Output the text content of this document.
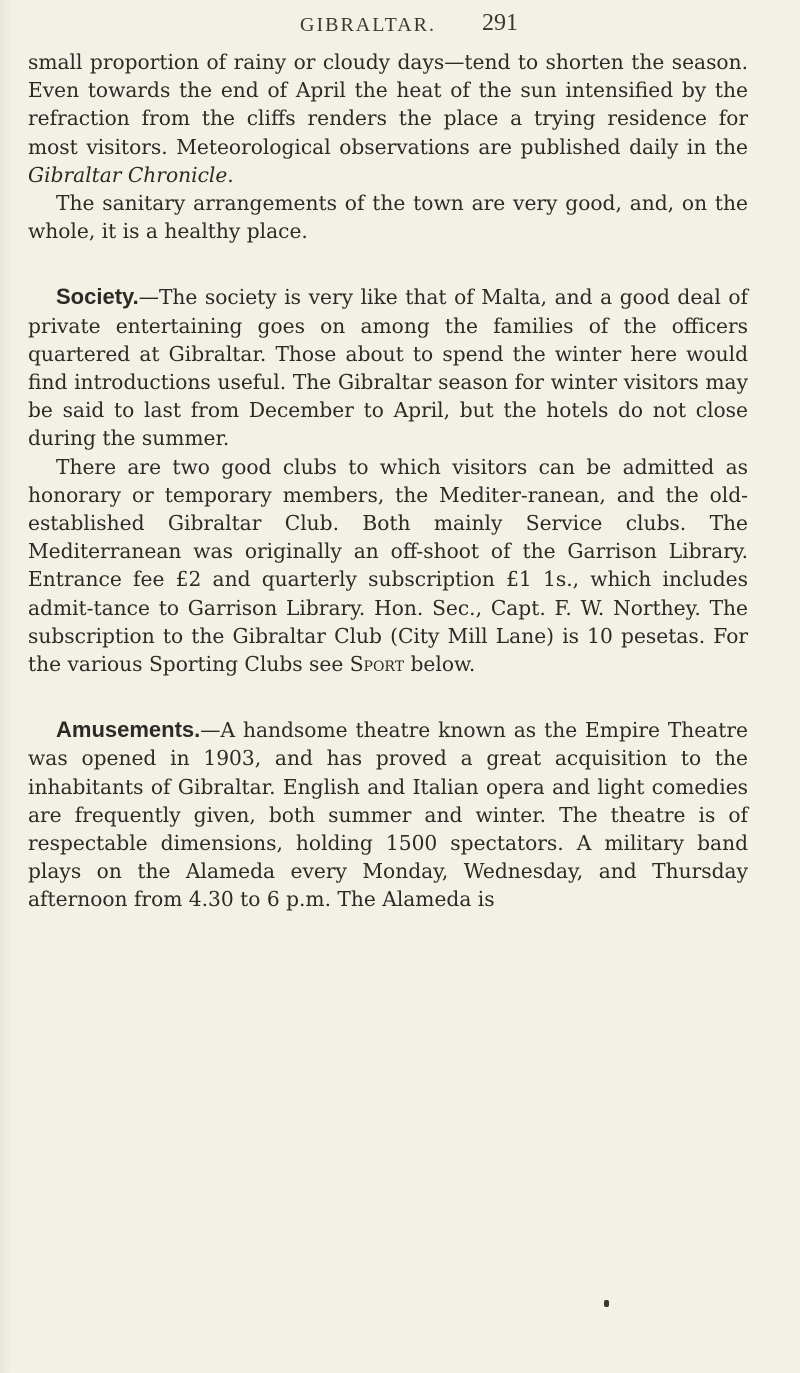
GIBRALTAR. 291

small proportion of rainy or cloudy days—tend to shorten the season. Even towards the end of April the heat of the sun intensified by the refraction from the cliffs renders the place a trying residence for most visitors. Meteorological observations are published daily in the Gibraltar Chronicle.

The sanitary arrangements of the town are very good, and, on the whole, it is a healthy place.

Society.—The society is very like that of Malta, and a good deal of private entertaining goes on among the families of the officers quartered at Gibraltar. Those about to spend the winter here would find introductions useful. The Gibraltar season for winter visitors may be said to last from December to April, but the hotels do not close during the summer.

There are two good clubs to which visitors can be admitted as honorary or temporary members, the Mediter-ranean, and the old-established Gibraltar Club. Both mainly Service clubs. The Mediterranean was originally an off-shoot of the Garrison Library. Entrance fee £2 and quarterly subscription £1 1s., which includes admit-tance to Garrison Library. Hon. Sec., Capt. F. W. Northey. The subscription to the Gibraltar Club (City Mill Lane) is 10 pesetas. For the various Sporting Clubs see Sport below.

Amusements.—A handsome theatre known as the Empire Theatre was opened in 1903, and has proved a great acquisition to the inhabitants of Gibraltar. English and Italian opera and light comedies are frequently given, both summer and winter. The theatre is of respectable dimensions, holding 1500 spectators. A military band plays on the Alameda every Monday, Wednesday, and Thursday afternoon from 4.30 to 6 p.m. The Alameda is
